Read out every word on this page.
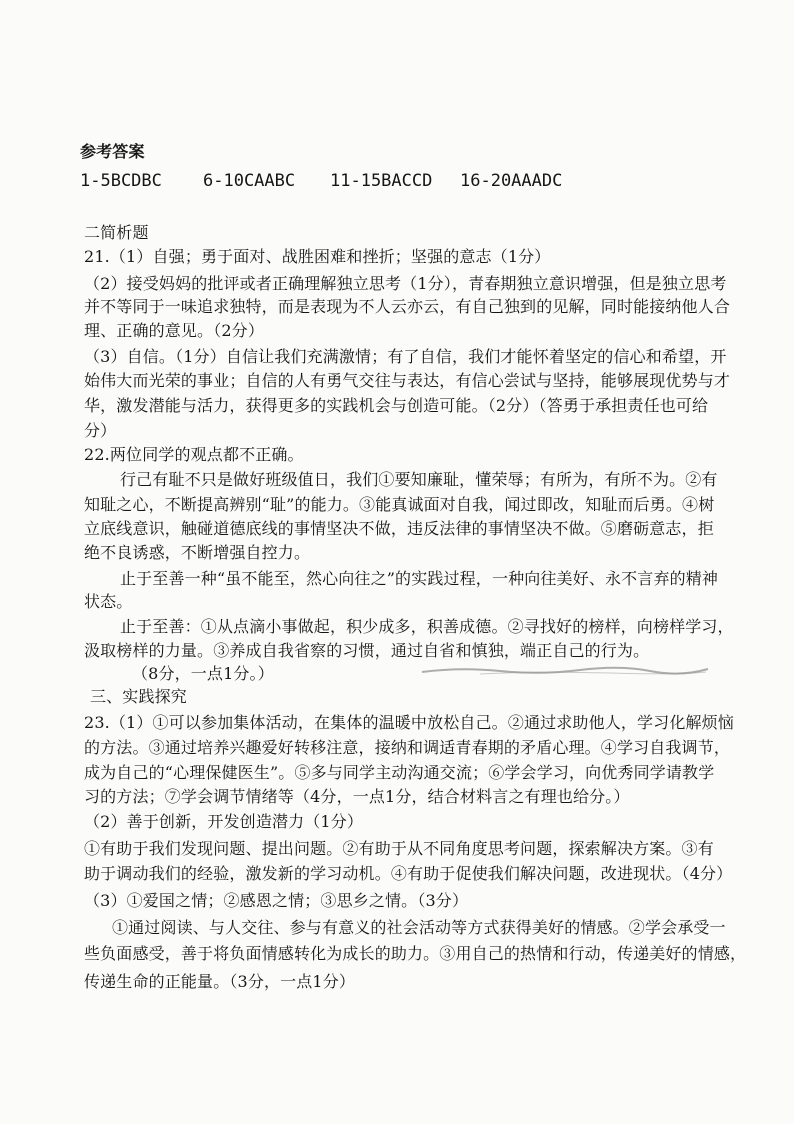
参考答案
1-5BCDBC 6-10CAABC 11-15BACCD 16-20AAADC
二简析题
21.（1）自强；勇于面对、战胜困难和挫折；坚强的意志（1分）
（2）接受妈妈的批评或者正确理解独立思考（1分），青春期独立意识增强，但是独立思考
并不等同于一味追求独特，而是表现为不人云亦云，有自己独到的见解，同时能接纳他人合
理、正确的意见。（2分）
（3）自信。（1分）自信让我们充满激情；有了自信，我们才能怀着坚定的信心和希望，开
始伟大而光荣的事业；自信的人有勇气交往与表达，有信心尝试与坚持，能够展现优势与才
华，激发潜能与活力，获得更多的实践机会与创造可能。（2分）（答勇于承担责任也可给
分）
22.两位同学的观点都不正确。
行己有耻不只是做好班级值日，我们①要知廉耻，懂荣辱；有所为，有所不为。②有
知耻之心，不断提高辨别“耻”的能力。③能真诚面对自我，闻过即改，知耻而后勇。④树
立底线意识，触碰道德底线的事情坚决不做，违反法律的事情坚决不做。⑤磨砺意志，拒
绝不良诱惑，不断增强自控力。
止于至善一种“虽不能至，然心向往之”的实践过程，一种向往美好、永不言弃的精神
状态。
止于至善：①从点滴小事做起，积少成多，积善成德。②寻找好的榜样，向榜样学习，
汲取榜样的力量。③养成自我省察的习惯，通过自省和慎独，端正自己的行为。
（8分，一点1分。）
三、实践探究
23.（1）①可以参加集体活动，在集体的温暖中放松自己。②通过求助他人，学习化解烦恼
的方法。③通过培养兴趣爱好转移注意，接纳和调适青春期的矛盾心理。④学习自我调节，
成为自己的“心理保健医生”。⑤多与同学主动沟通交流；⑥学会学习，向优秀同学请教学
习的方法；⑦学会调节情绪等（4分，一点1分，结合材料言之有理也给分。）
（2）善于创新，开发创造潜力（1分）
①有助于我们发现问题、提出问题。②有助于从不同角度思考问题，探索解决方案。③有
助于调动我们的经验，激发新的学习动机。④有助于促使我们解决问题，改进现状。（4分）
（3）①爱国之情；②感恩之情；③思乡之情。（3分）
①通过阅读、与人交往、参与有意义的社会活动等方式获得美好的情感。②学会承受一
些负面感受，善于将负面情感转化为成长的助力。③用自己的热情和行动，传递美好的情感，
传递生命的正能量。（3分，一点1分）
